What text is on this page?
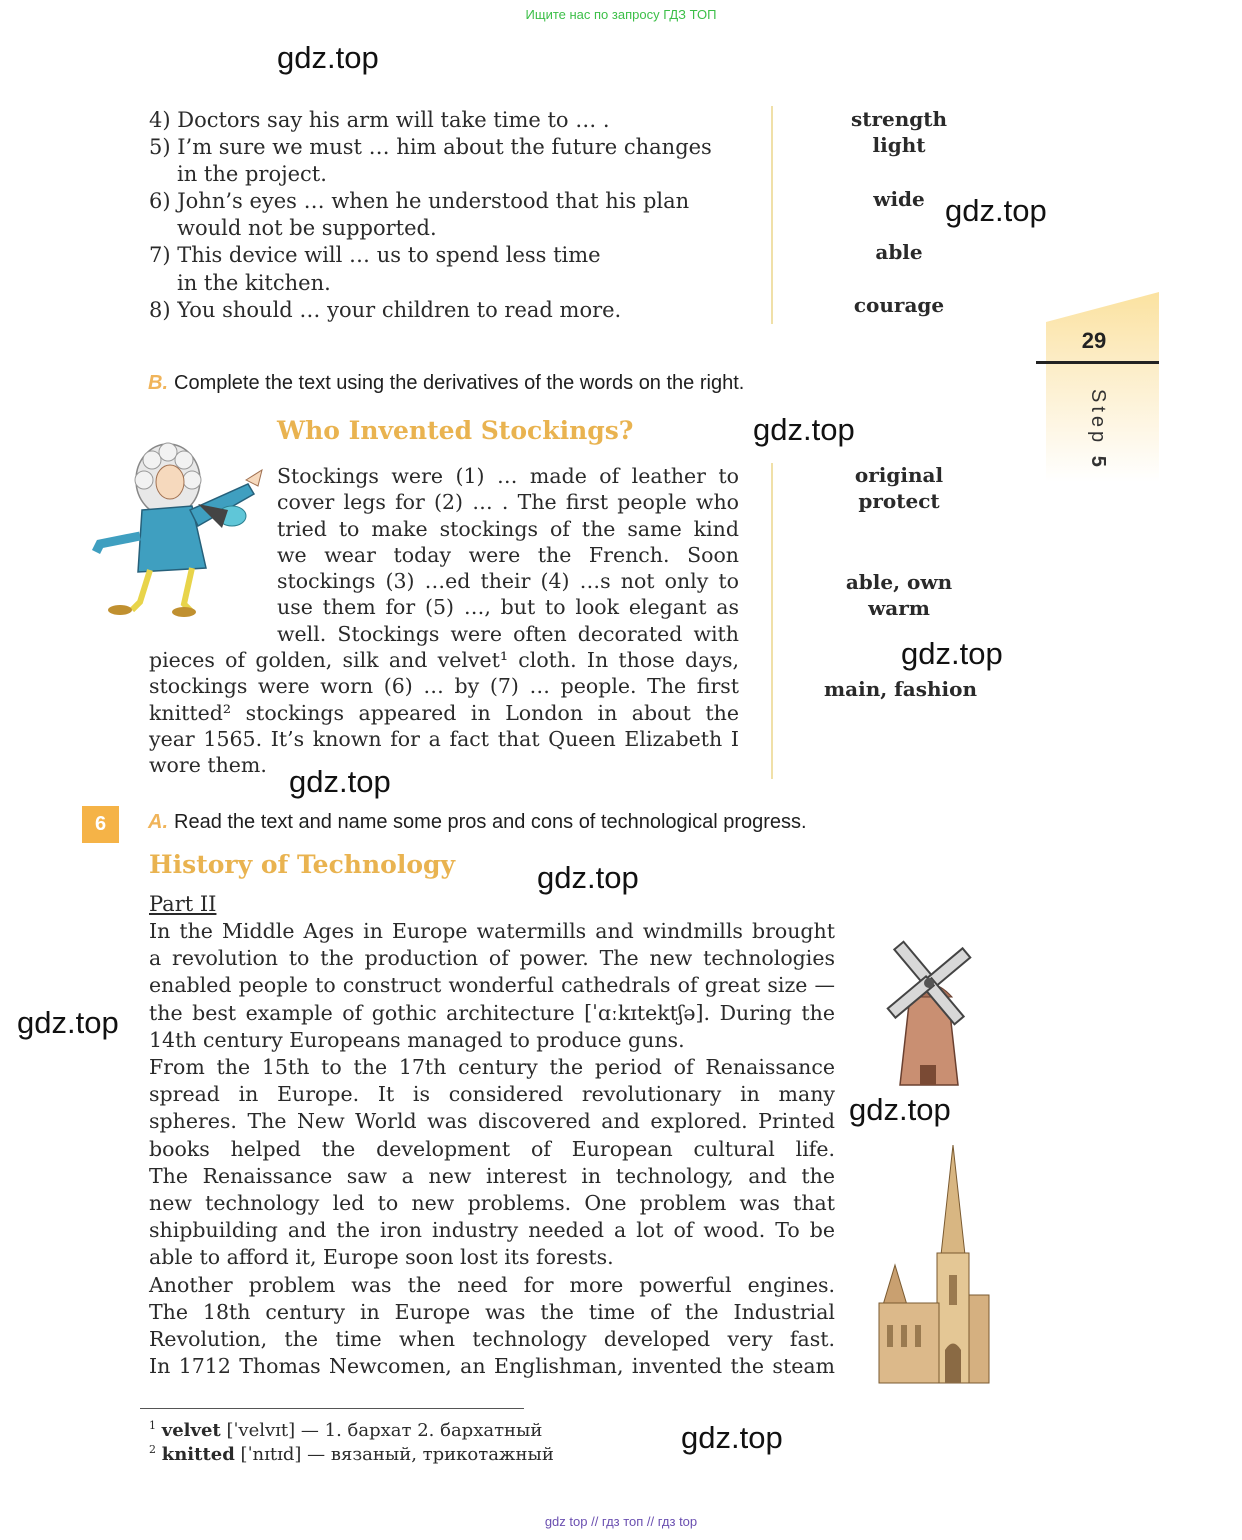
Ищите нас по запросу ГДЗ ТОП
gdz.top
gdz.top
gdz.top
gdz.top
gdz.top
gdz.top
gdz.top
gdz.top
gdz.top
4) Doctors say his arm will take time to … .
5) I’m sure we must … him about the future changes
in the project.
6) John’s eyes … when he understood that his plan
would not be supported.
7) This device will … us to spend less time
in the kitchen.
8) You should … your children to read more.
strength
light
wide
able
courage
29
Step 5
B. Complete the text using the derivatives of the words on the right.
Who Invented Stockings?
Stockings were (1) … made of leather to
cover legs for (2) … . The first people who
tried to make stockings of the same kind
we wear today were the French. Soon
stockings (3) …ed their (4) …s not only to
use them for (5) …, but to look elegant as
well. Stockings were often decorated with
pieces of golden, silk and velvet¹ cloth. In those days,
stockings were worn (6) … by (7) … people. The first
knitted² stockings appeared in London in about the
year 1565. It’s known for a fact that Queen Elizabeth I
wore them.
original
protect
able, own
warm
main, fashion
6	A. Read the text and name some pros and cons of technological progress.
History of Technology
Part II
In the Middle Ages in Europe watermills and windmills brought
a revolution to the production of power. The new technologies
enabled people to construct wonderful cathedrals of great size —
the best example of gothic architecture [ˈɑːkɪtektʃə]. During the
14th century Europeans managed to produce guns.
From the 15th to the 17th century the period of Renaissance
spread in Europe. It is considered revolutionary in many
spheres. The New World was discovered and explored. Printed
books helped the development of European cultural life.
The Renaissance saw a new interest in technology, and the
new technology led to new problems. One problem was that
shipbuilding and the iron industry needed a lot of wood. To be
able to afford it, Europe soon lost its forests.
Another problem was the need for more powerful engines.
The 18th century in Europe was the time of the Industrial
Revolution, the time when technology developed very fast.
In 1712 Thomas Newcomen, an Englishman, invented the steam
$^1$ velvet [ˈvelvɪt] — 1. бархат 2. бархатный
$^2$ knitted [ˈnɪtɪd] — вязаный, трикотажный
gdz top // гдз топ // гдз top
